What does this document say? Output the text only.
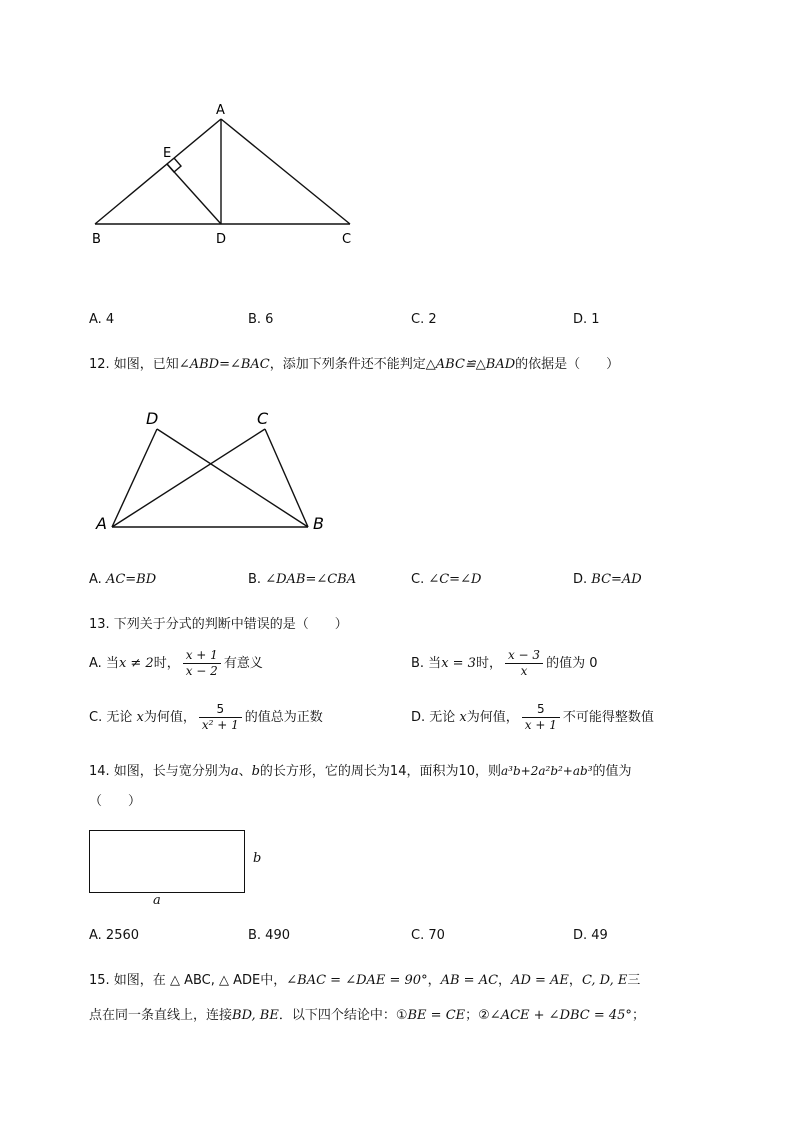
A
E
B	D	C
A. 4	B. 6	C. 2	D. 1
12. 如图，已知∠ABD=∠BAC，添加下列条件还不能判定△ABC≌△BAD的依据是（　　）
D	C
A	B
A. AC=BD	B. ∠DAB=∠CBA	C. ∠C=∠D	D. BC=AD
13. 下列关于分式的判断中错误的是（　　）
A. 当x ≠ 2时， $\frac{x + 1}{x - 2}$ 有意义	B. 当x = 3时， $\frac{x - 3}{x}$ 的值为 0
C. 无论 x为何值， $\frac{5}{\text{x² + 1}}$ 的值总为正数	D. 无论 x为何值， $\frac{5}{x + 1}$ 不可能得整数值
14. 如图，长与宽分别为a、b的长方形，它的周长为14，面积为10，则a³b+2a²b²+ab³的值为
（　　）
b
a
A. 2560	B. 490	C. 70	D. 49
15. 如图，在 △ ABC, △ ADE中，∠BAC = ∠DAE = 90°，AB = AC，AD = AE，C, D, E三
点在同一条直线上，连接BD, BE．以下四个结论中：①BE = CE；②∠ACE + ∠DBC = 45°；
